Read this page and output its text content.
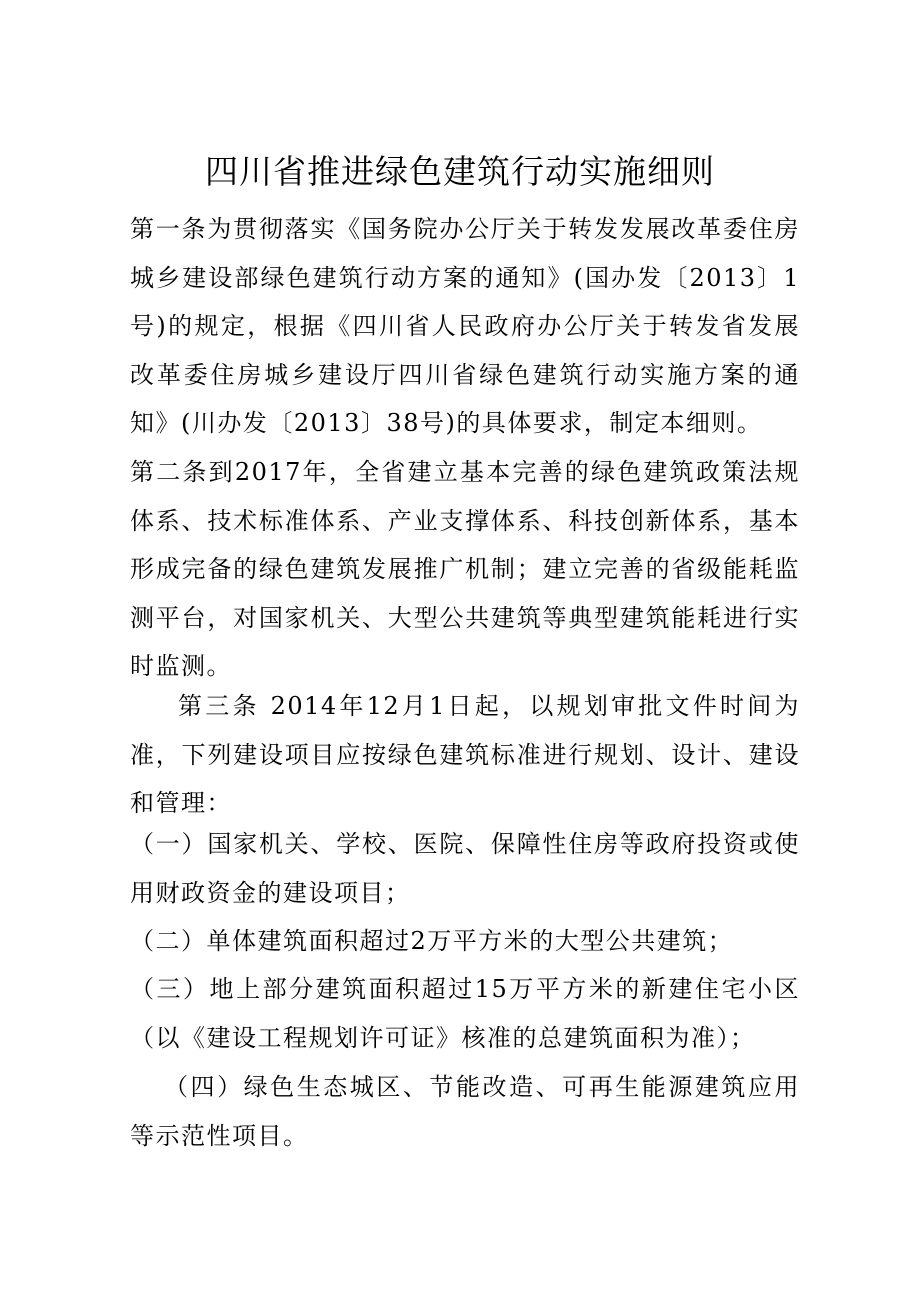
四川省推进绿色建筑行动实施细则
第一条为贯彻落实《国务院办公厅关于转发发展改革委住房城乡建设部绿色建筑行动方案的通知》(国办发〔2013〕1号)的规定，根据《四川省人民政府办公厅关于转发省发展改革委住房城乡建设厅四川省绿色建筑行动实施方案的通知》(川办发〔2013〕38号)的具体要求，制定本细则。
第二条到2017年，全省建立基本完善的绿色建筑政策法规体系、技术标准体系、产业支撑体系、科技创新体系，基本形成完备的绿色建筑发展推广机制；建立完善的省级能耗监测平台，对国家机关、大型公共建筑等典型建筑能耗进行实时监测。
第三条 2014年12月1日起，以规划审批文件时间为准，下列建设项目应按绿色建筑标准进行规划、设计、建设和管理：
（一）国家机关、学校、医院、保障性住房等政府投资或使用财政资金的建设项目；
（二）单体建筑面积超过2万平方米的大型公共建筑；
（三）地上部分建筑面积超过15万平方米的新建住宅小区（以《建设工程规划许可证》核准的总建筑面积为准）；
（四）绿色生态城区、节能改造、可再生能源建筑应用等示范性项目。
